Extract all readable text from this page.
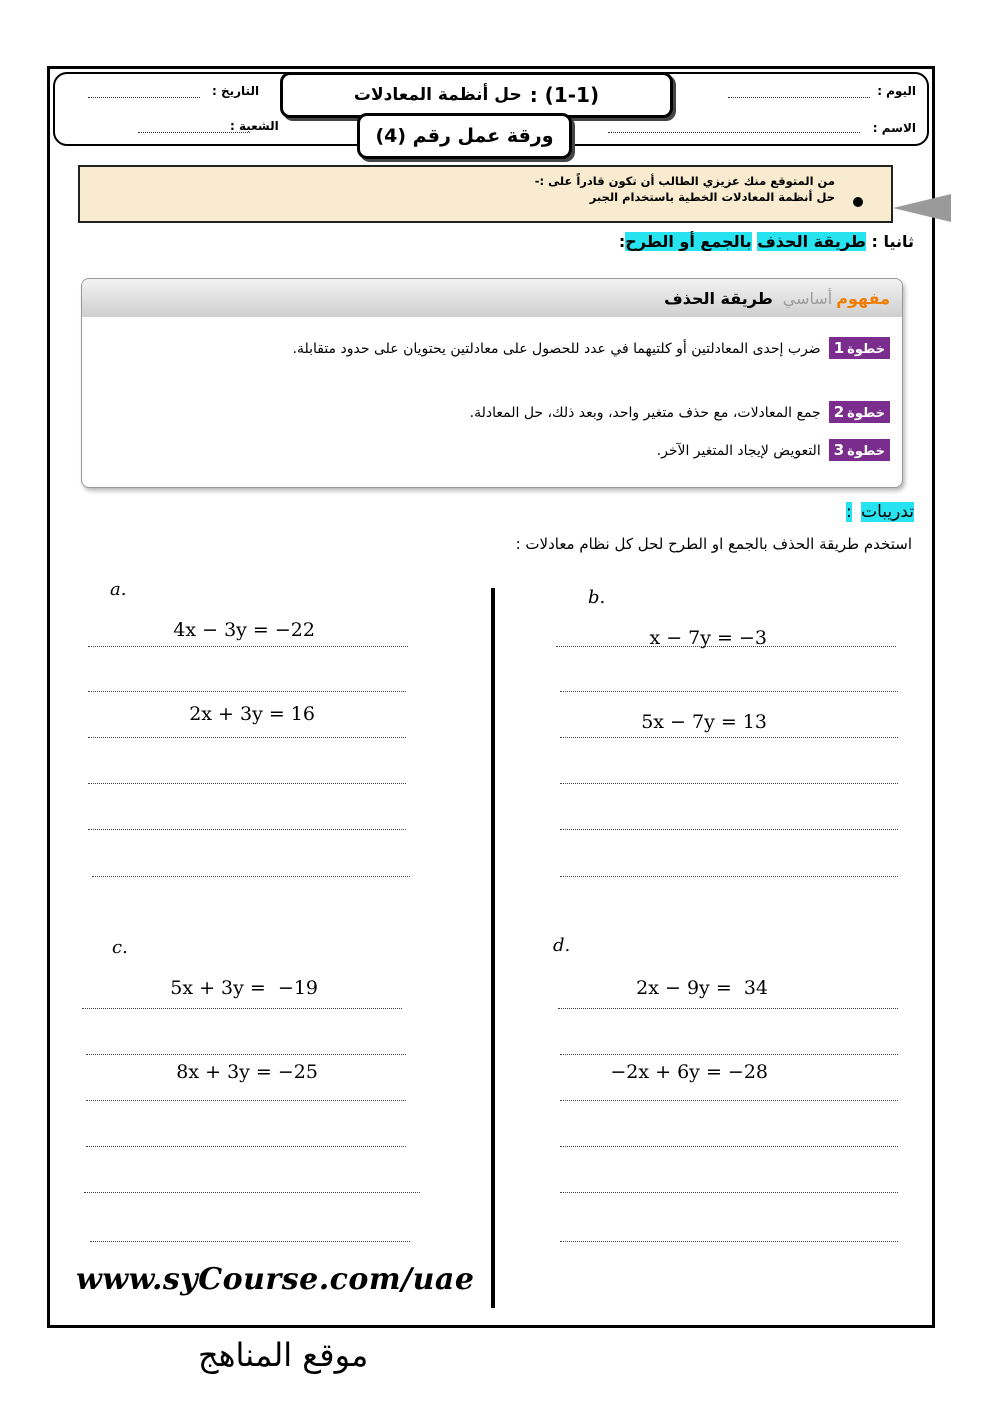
اليوم :
الاسم :
التاريخ :
الشعبة :
(1-1) :
حل أنظمة المعادلات
ورقة عمل رقم (4)
من المتوقع منك عزيزي الطالب أن تكون قادراً على :-
حل أنظمة المعادلات الخطية باستخدام الجبر
ثانيا : طريقة الحذف بالجمع أو الطرح:
مفهوم
أساسي
طريقة الحذف
خطوة1
ضرب إحدى المعادلتين أو كلتيهما في عدد للحصول على معادلتين يحتويان على حدود متقابلة.
خطوة2
جمع المعادلات، مع حذف متغير واحد، وبعد ذلك، حل المعادلة.
خطوة3
التعويض لإيجاد المتغير الآخر.
تدريبات :
استخدم طريقة الحذف بالجمع او الطرح لحل كل نظام معادلات :
a.

4x − 3y = −22

2x + 3y = 16

b.

x − 7y = −3

5x − 7y = 13

c.

5x + 3y =  −19

8x + 3y = −25

d.

2x − 9y =  34

−2x + 6y = −28

www.syCourse.com/uae
موقع المناهج
